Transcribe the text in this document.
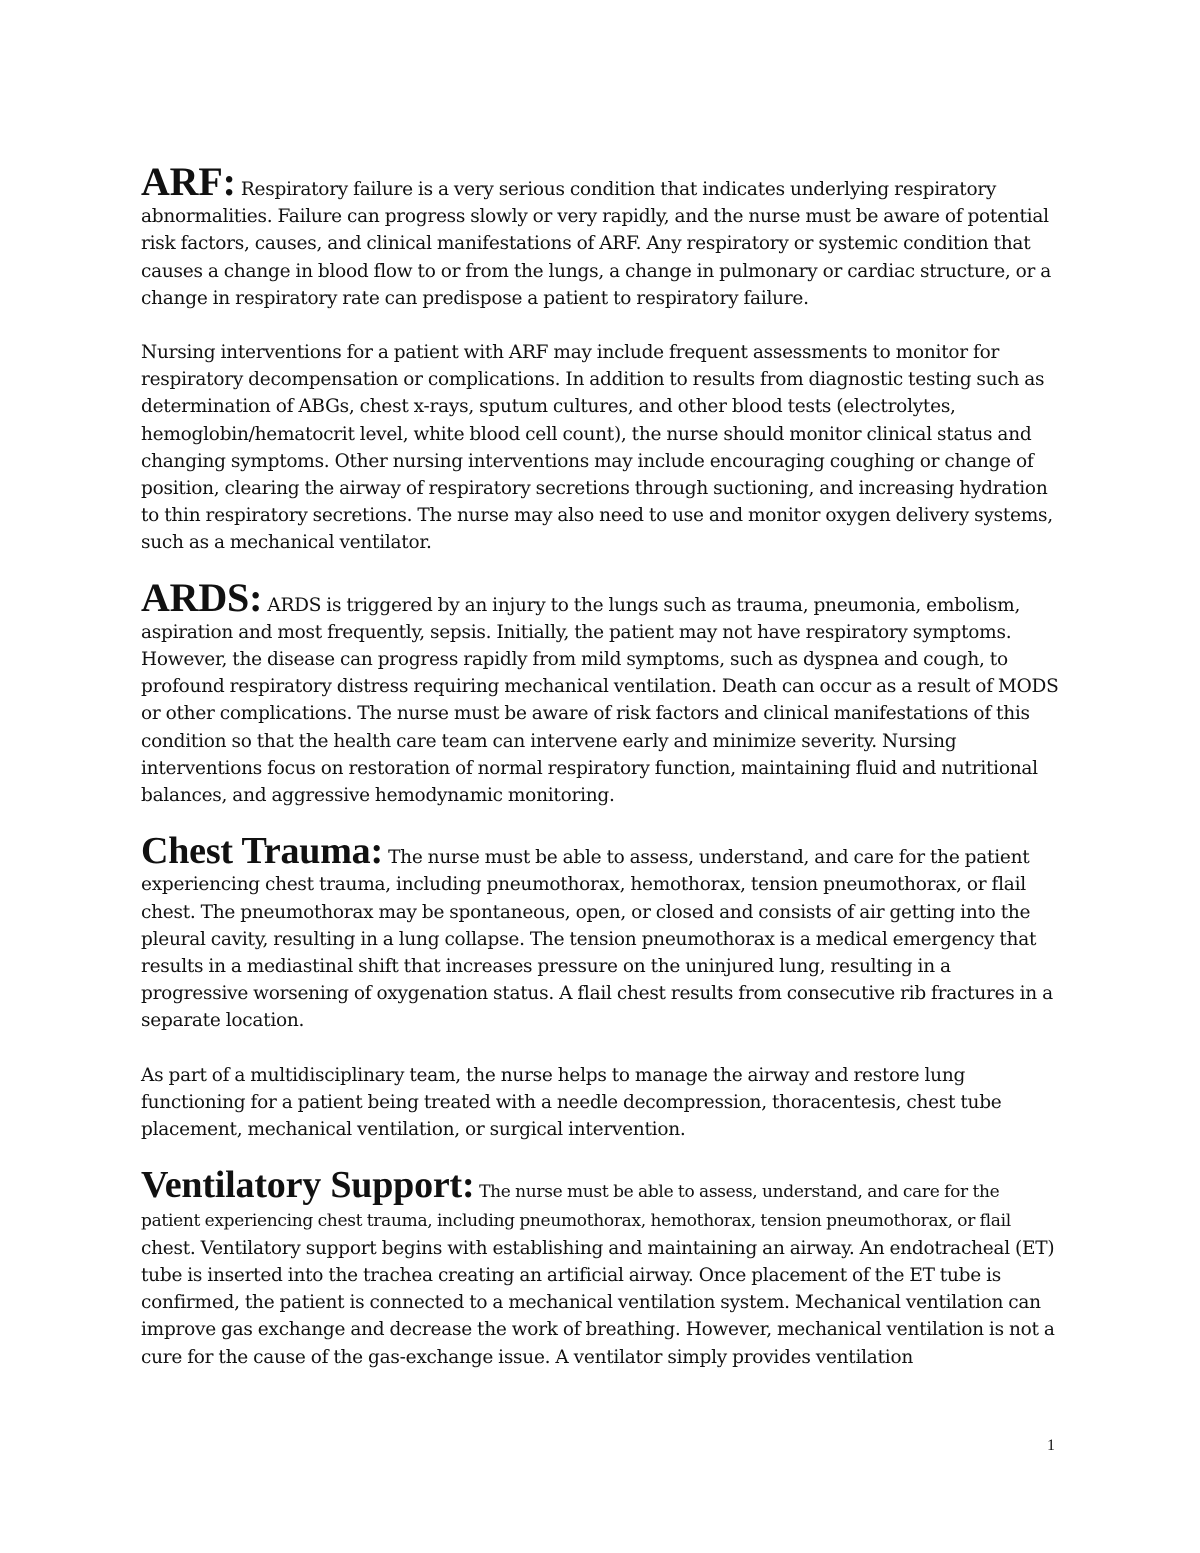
ARF: Respiratory failure is a very serious condition that indicates underlying respiratory abnormalities. Failure can progress slowly or very rapidly, and the nurse must be aware of potential risk factors, causes, and clinical manifestations of ARF. Any respiratory or systemic condition that causes a change in blood flow to or from the lungs, a change in pulmonary or cardiac structure, or a change in respiratory rate can predispose a patient to respiratory failure.

Nursing interventions for a patient with ARF may include frequent assessments to monitor for respiratory decompensation or complications. In addition to results from diagnostic testing such as determination of ABGs, chest x-rays, sputum cultures, and other blood tests (electrolytes, hemoglobin/hematocrit level, white blood cell count), the nurse should monitor clinical status and changing symptoms. Other nursing interventions may include encouraging coughing or change of position, clearing the airway of respiratory secretions through suctioning, and increasing hydration to thin respiratory secretions. The nurse may also need to use and monitor oxygen delivery systems, such as a mechanical ventilator.

ARDS: ARDS is triggered by an injury to the lungs such as trauma, pneumonia, embolism, aspiration and most frequently, sepsis. Initially, the patient may not have respiratory symptoms. However, the disease can progress rapidly from mild symptoms, such as dyspnea and cough, to profound respiratory distress requiring mechanical ventilation. Death can occur as a result of MODS or other complications. The nurse must be aware of risk factors and clinical manifestations of this condition so that the health care team can intervene early and minimize severity. Nursing interventions focus on restoration of normal respiratory function, maintaining fluid and nutritional balances, and aggressive hemodynamic monitoring.

Chest Trauma: The nurse must be able to assess, understand, and care for the patient experiencing chest trauma, including pneumothorax, hemothorax, tension pneumothorax, or flail chest. The pneumothorax may be spontaneous, open, or closed and consists of air getting into the pleural cavity, resulting in a lung collapse. The tension pneumothorax is a medical emergency that results in a mediastinal shift that increases pressure on the uninjured lung, resulting in a progressive worsening of oxygenation status. A flail chest results from consecutive rib fractures in a separate location.

As part of a multidisciplinary team, the nurse helps to manage the airway and restore lung functioning for a patient being treated with a needle decompression, thoracentesis, chest tube placement, mechanical ventilation, or surgical intervention.

Ventilatory Support: The nurse must be able to assess, understand, and care for the patient experiencing chest trauma, including pneumothorax, hemothorax, tension pneumothorax, or flail chest. Ventilatory support begins with establishing and maintaining an airway. An endotracheal (ET) tube is inserted into the trachea creating an artificial airway. Once placement of the ET tube is confirmed, the patient is connected to a mechanical ventilation system. Mechanical ventilation can improve gas exchange and decrease the work of breathing. However, mechanical ventilation is not a cure for the cause of the gas-exchange issue. A ventilator simply provides ventilation

1
